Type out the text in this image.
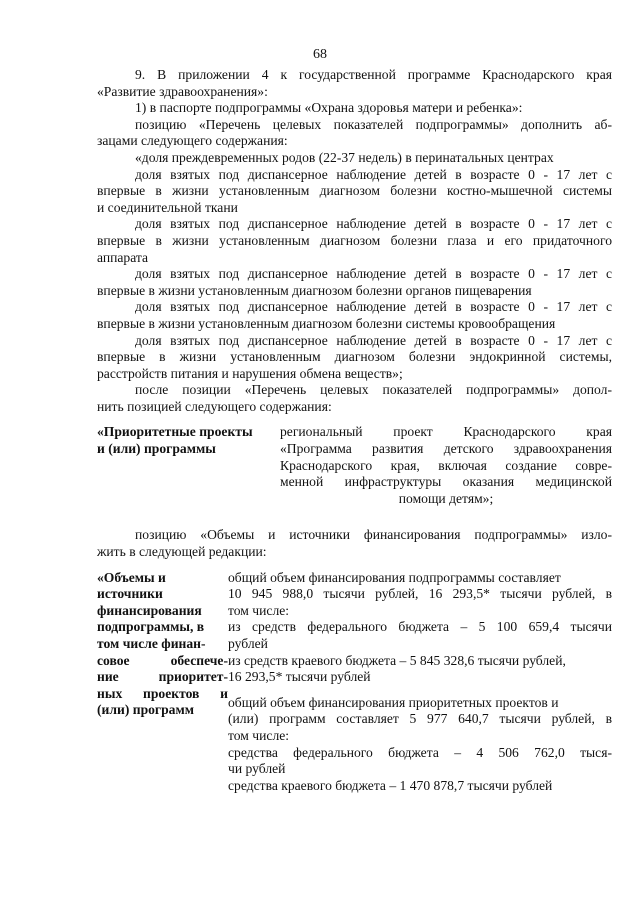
68
9. В приложении 4 к государственной программе Краснодарского края
«Развитие здравоохранения»:
1) в паспорте подпрограммы «Охрана здоровья матери и ребенка»:
позицию «Перечень целевых показателей подпрограммы» дополнить аб-
зацами следующего содержания:
«доля преждевременных родов (22-37 недель) в перинатальных центрах
доля взятых под диспансерное наблюдение детей в возрасте 0 - 17 лет с
впервые в жизни установленным диагнозом болезни костно-мышечной системы
и соединительной ткани
доля взятых под диспансерное наблюдение детей в возрасте 0 - 17 лет с
впервые в жизни установленным диагнозом болезни глаза и его придаточного
аппарата
доля взятых под диспансерное наблюдение детей в возрасте 0 - 17 лет с
впервые в жизни установленным диагнозом болезни органов пищеварения
доля взятых под диспансерное наблюдение детей в возрасте 0 - 17 лет с
впервые в жизни установленным диагнозом болезни системы кровообращения
доля взятых под диспансерное наблюдение детей в возрасте 0 - 17 лет с
впервые в жизни установленным диагнозом болезни эндокринной системы,
расстройств питания и нарушения обмена веществ»;
после позиции «Перечень целевых показателей подпрограммы» допол-
нить позицией следующего содержания:
«Приоритетные проекты
и (или) программы
региональный проект Краснодарского края
«Программа развития детского здравоохранения
Краснодарского края, включая создание совре-
менной инфраструктуры оказания медицинской
помощи детям»;
позицию «Объемы и источники финансирования подпрограммы» изло-
жить в следующей редакции:
«Объемы и
источники
финансирования
подпрограммы, в
том числе финан-
совое обеспече-
ние приоритет-
ных проектов и
(или) программ
общий объем финансирования подпрограммы составляет
10 945 988,0 тысячи рублей, 16 293,5* тысячи рублей, в
том числе:
из средств федерального бюджета – 5 100 659,4 тысячи
рублей
из средств краевого бюджета – 5 845 328,6 тысячи рублей,
16 293,5* тысячи рублей
общий объем финансирования приоритетных проектов и
(или) программ составляет 5 977 640,7 тысячи рублей, в
том числе:
средства федерального бюджета – 4 506 762,0 тыся-
чи рублей
средства краевого бюджета – 1 470 878,7 тысячи рублей
